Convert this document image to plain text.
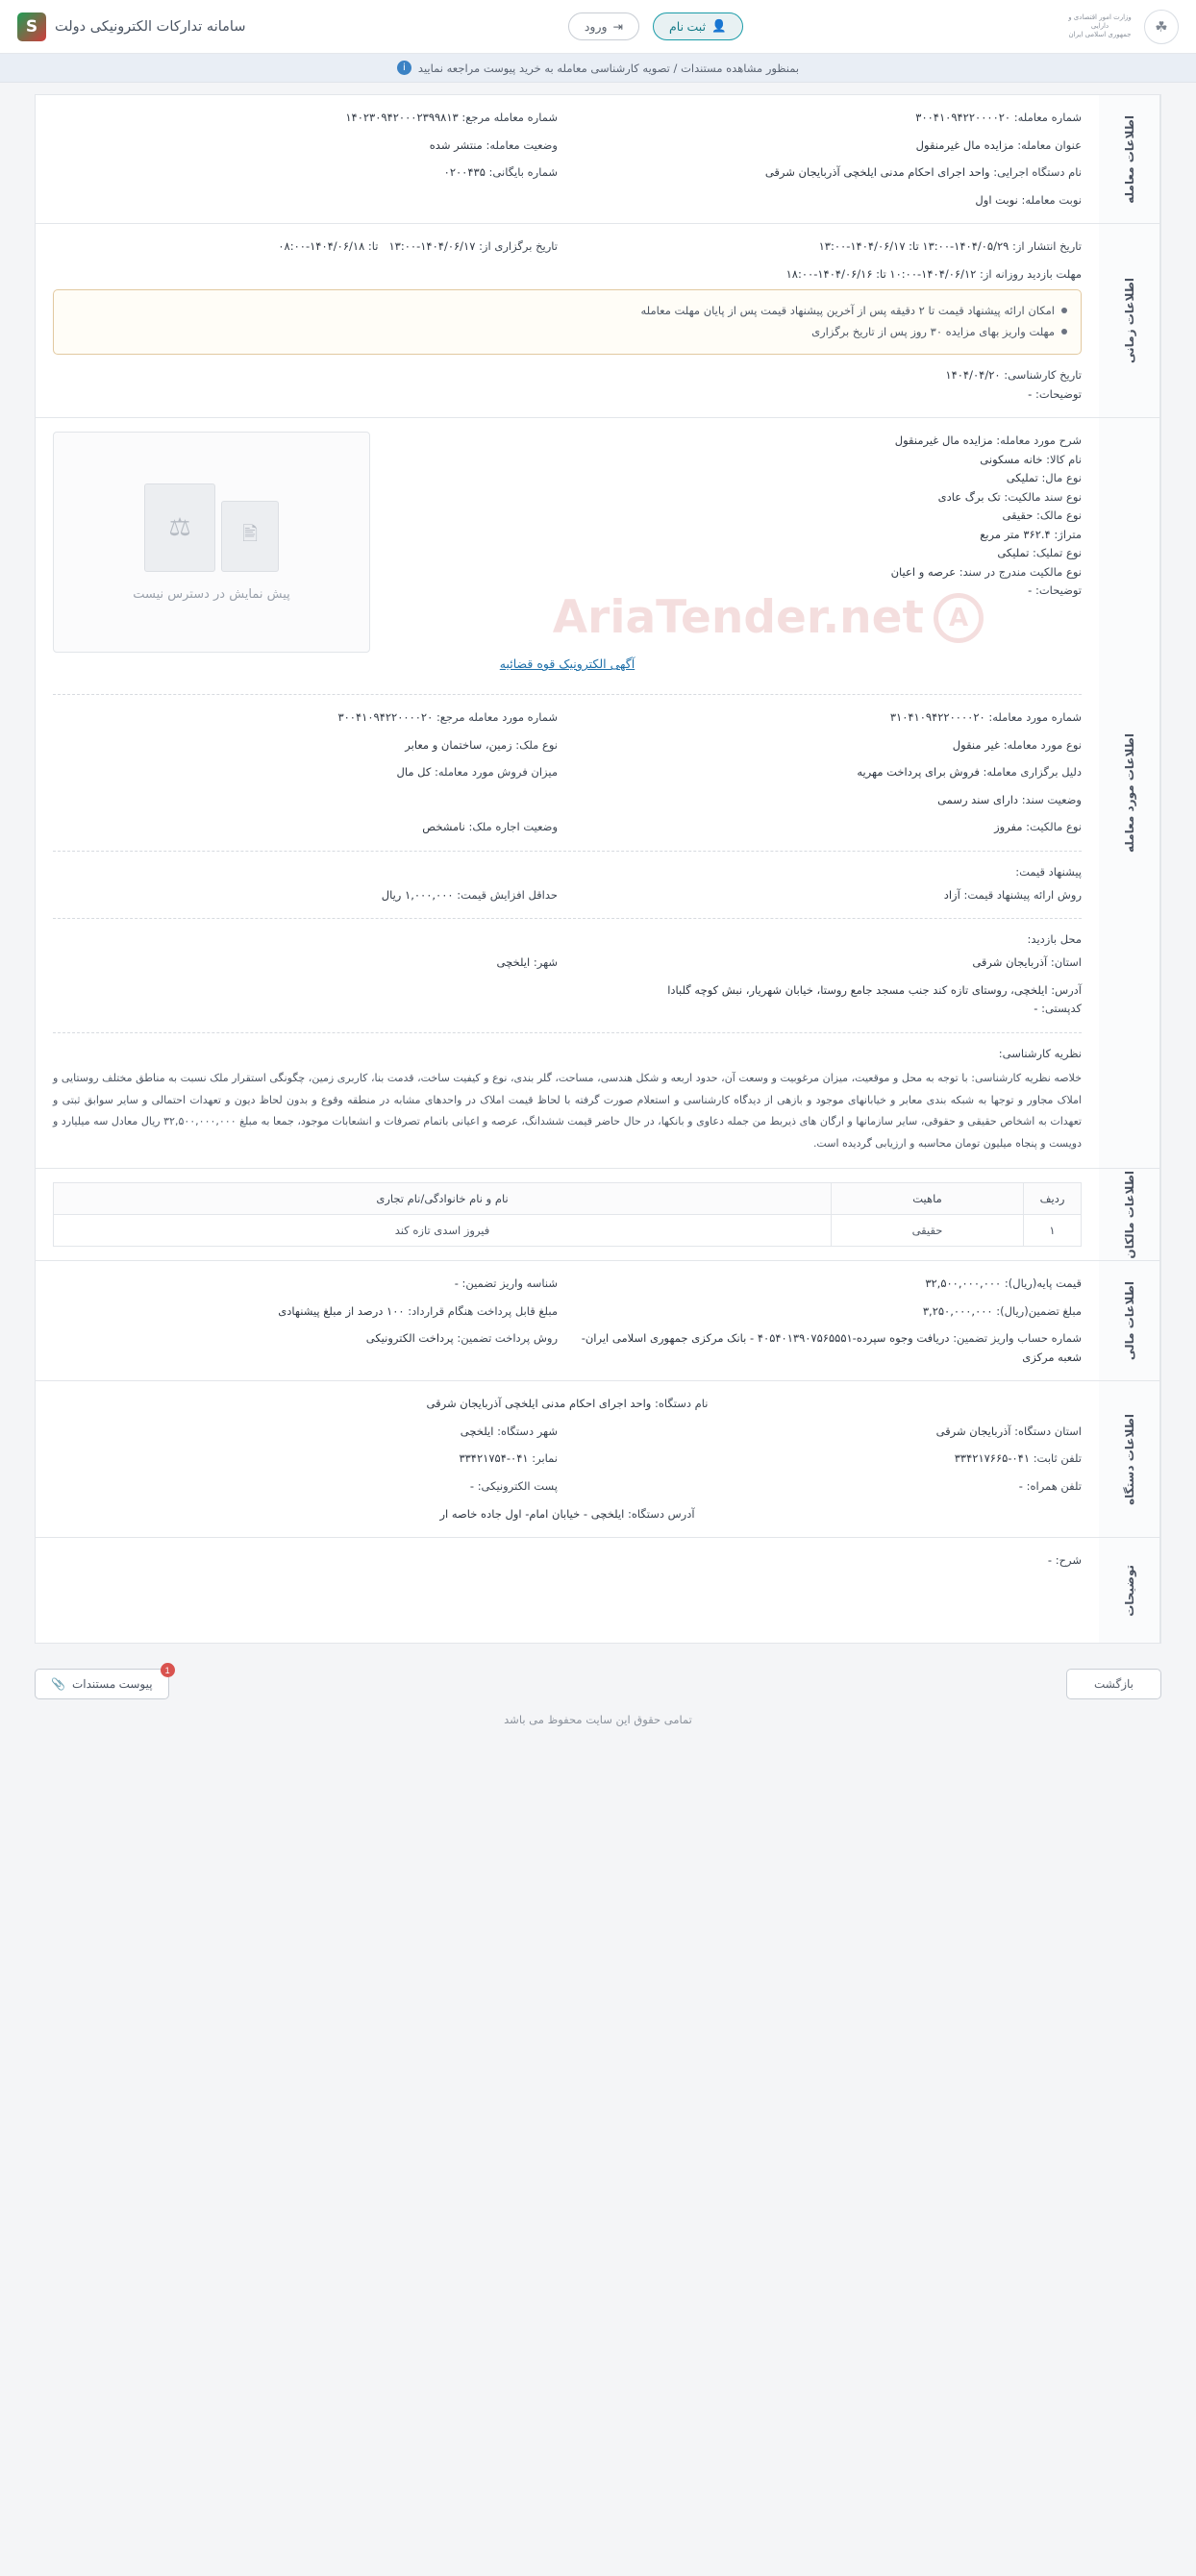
☘
وزارت امور اقتصادی و دارایی
جمهوری اسلامی ایران
👤
ثبت نام
⇥
ورود
سامانه تدارکات الکترونیکی دولت
S
بمنظور مشاهده مستندات / تصویه کارشناسی معامله به خرید پیوست مراجعه نمایید
i
اطلاعات معامله
شماره معامله: ۳۰۰۴۱۰۹۴۲۲۰۰۰۰۲۰
شماره معامله مرجع: ۱۴۰۲۳۰۹۴۲۰۰۰۲۳۹۹۸۱۳
عنوان معامله: مزایده مال غیرمنقول
وضعیت معامله: منتشر شده
نام دستگاه اجرایی: واحد اجرای احکام مدنی ایلخچی آذربایجان شرقی
شماره بایگانی: ۰۲۰۰۴۳۵
نوبت معامله: نوبت اول
اطلاعات زمانی
تاریخ انتشار از: ۱۴۰۴/۰۵/۲۹-۱۳:۰۰ تا: ۱۴۰۴/۰۶/۱۷-۱۳:۰۰
تاریخ برگزاری از: ۱۴۰۴/۰۶/۱۷-۱۳:۰۰   تا: ۱۴۰۴/۰۶/۱۸-۰۸:۰۰
مهلت بازدید روزانه از: ۱۴۰۴/۰۶/۱۲-۱۰:۰۰ تا: ۱۴۰۴/۰۶/۱۶-۱۸:۰۰
امکان ارائه پیشنهاد قیمت تا ۲ دقیقه پس از آخرین پیشنهاد قیمت پس از پایان مهلت معامله
مهلت واریز بهای مزایده ۳۰ روز پس از تاریخ برگزاری
تاریخ کارشناسی: ۱۴۰۴/۰۴/۲۰
توضیحات: -
اطلاعات مورد معامله
A
AriaTender.net
شرح مورد معامله: مزایده مال غیرمنقول
نام کالا: خانه مسکونی
نوع مال: تملیکی
نوع سند مالکیت: تک برگ عادی
نوع مالک: حقیقی
متراژ: ۳۶۲.۴ متر مربع
نوع تملیک: تملیکی
نوع مالکیت مندرج در سند: عرصه و اعیان
توضیحات: -
🖹
⚖
پیش نمایش در دسترس نیست
آگهی الکترونیک قوه قضائیه
شماره مورد معامله: ۳۱۰۴۱۰۹۴۲۲۰۰۰۰۲۰
شماره مورد معامله مرجع: ۳۰۰۴۱۰۹۴۲۲۰۰۰۰۲۰
نوع مورد معامله: غیر منقول
نوع ملک: زمین، ساختمان و معابر
دلیل برگزاری معامله: فروش برای پرداخت مهریه
میزان فروش مورد معامله: کل مال
وضعیت سند: دارای سند رسمی
نوع مالکیت: مفروز
وضعیت اجاره ملک: نامشخص
پیشنهاد قیمت:
روش ارائه پیشنهاد قیمت: آزاد
حداقل افزایش قیمت: ۱,۰۰۰,۰۰۰ ریال
محل بازدید:
استان: آذربایجان شرقی
شهر: ایلخچی
آدرس: ایلخچی، روستای تازه کند جنب مسجد جامع روستا، خیابان شهریار، نبش کوچه گلبادا
کدپستی: -
نظریه کارشناسی:
خلاصه نظریه کارشناسی: با توجه به محل و موقعیت، میزان مرغوبیت و وسعت آن، حدود اربعه و شکل هندسی، مساحت، گلر بندی، نوع و کیفیت ساخت، قدمت بنا، کاربری زمین، چگونگی استقرار ملک نسبت به مناطق مختلف روستایی و املاک مجاور و توجها به شبکه بندی معابر و خیابانهای موجود و بازهی از دیدگاه کارشناسی و استعلام صورت گرفته با لحاظ قیمت املاک در واحدهای مشابه در منطقه وقوع و بدون لحاظ دیون و تعهدات احتمالی و سایر سوابق ثبتی و تعهدات به اشخاص حقیقی و حقوقی، سایر سازمانها و ارگان های ذیربط من جمله دعاوی و بانکها، در حال حاضر قیمت ششدانگ، عرصه و اعیانی باتمام تصرفات و انشعابات موجود، جمعا به مبلغ ۳۲,۵۰۰,۰۰۰,۰۰۰ ریال معادل سه میلیارد و دویست و پنجاه میلیون تومان محاسبه و ارزیابی گردیده است.
اطلاعات مالکان
ردیف	ماهیت	نام و نام خانوادگی/نام تجاری
۱	حقیقی	فیروز اسدی تازه کند
اطلاعات مالی
قیمت پایه(ریال): ۳۲,۵۰۰,۰۰۰,۰۰۰
شناسه واریز تضمین: -
مبلغ تضمین(ریال): ۳,۲۵۰,۰۰۰,۰۰۰
مبلغ قابل پرداخت هنگام قرارداد: ۱۰۰ درصد از مبلغ پیشنهادی
شماره حساب واریز تضمین: دریافت وجوه سپرده-۴۰۵۴۰۱۳۹۰۷۵۶۵۵۵۱ - بانک مرکزی جمهوری اسلامی ایران- شعبه مرکزی
روش پرداخت تضمین: پرداخت الکترونیکی
اطلاعات دستگاه
نام دستگاه: واحد اجرای احکام مدنی ایلخچی آذربایجان شرقی
استان دستگاه: آذربایجان شرقی
شهر دستگاه: ایلخچی
تلفن ثابت: ۰۴۱-۳۳۴۲۱۷۶۶۵
نمابر: ۰۴۱-۳۳۴۲۱۷۵۴
تلفن همراه: -
پست الکترونیکی: -
آدرس دستگاه: ایلخچی - خیابان امام- اول جاده خاصه ار
توضیحات
شرح: -
بازگشت
1
پیوست مستندات
📎
تمامی حقوق این سایت محفوظ می باشد
